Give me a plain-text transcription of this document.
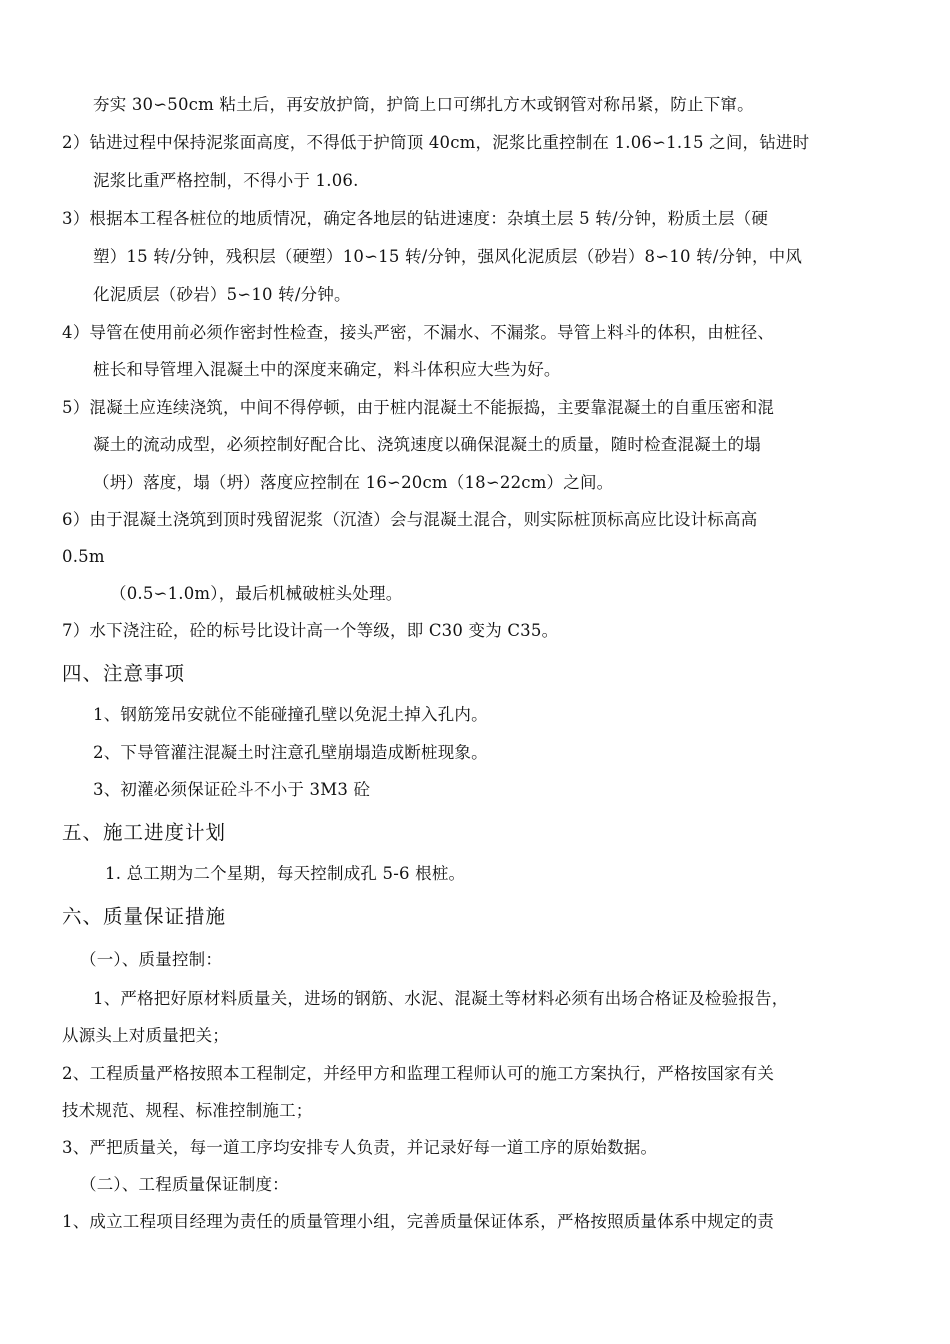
夯实 30∽50cm 粘土后，再安放护筒，护筒上口可绑扎方木或钢管对称吊紧，防止下窜。
2）钻进过程中保持泥浆面高度，不得低于护筒顶 40cm，泥浆比重控制在 1.06∽1.15 之间，钻进时
泥浆比重严格控制，不得小于 1.06.
3）根据本工程各桩位的地质情况，确定各地层的钻进速度：杂填土层 5 转/分钟，粉质土层（硬
塑）15 转/分钟，残积层（硬塑）10∽15 转/分钟，强风化泥质层（砂岩）8∽10 转/分钟，中风
化泥质层（砂岩）5∽10 转/分钟。
4）导管在使用前必须作密封性检查，接头严密，不漏水、不漏浆。导管上料斗的体积，由桩径、
桩长和导管埋入混凝土中的深度来确定，料斗体积应大些为好。
5）混凝土应连续浇筑，中间不得停顿，由于桩内混凝土不能振捣，主要靠混凝土的自重压密和混
凝土的流动成型，必须控制好配合比、浇筑速度以确保混凝土的质量，随时检查混凝土的塌
（坍）落度，塌（坍）落度应控制在 16∽20cm（18∽22cm）之间。
6）由于混凝土浇筑到顶时残留泥浆（沉渣）会与混凝土混合，则实际桩顶标高应比设计标高高
0.5m
（0.5∽1.0m），最后机械破桩头处理。
7）水下浇注砼，砼的标号比设计高一个等级，即 C30 变为 C35。
四、注意事项
1、钢筋笼吊安就位不能碰撞孔壁以免泥土掉入孔内。
2、下导管灌注混凝土时注意孔壁崩塌造成断桩现象。
3、初灌必须保证砼斗不小于 3M3 砼
五、施工进度计划
1. 总工期为二个星期，每天控制成孔 5-6 根桩。
六、质量保证措施
（一）、质量控制：
1、严格把好原材料质量关，进场的钢筋、水泥、混凝土等材料必须有出场合格证及检验报告，
从源头上对质量把关；
2、工程质量严格按照本工程制定，并经甲方和监理工程师认可的施工方案执行，严格按国家有关
技术规范、规程、标准控制施工；
3、严把质量关，每一道工序均安排专人负责，并记录好每一道工序的原始数据。
（二）、工程质量保证制度：
1、成立工程项目经理为责任的质量管理小组，完善质量保证体系，严格按照质量体系中规定的责
